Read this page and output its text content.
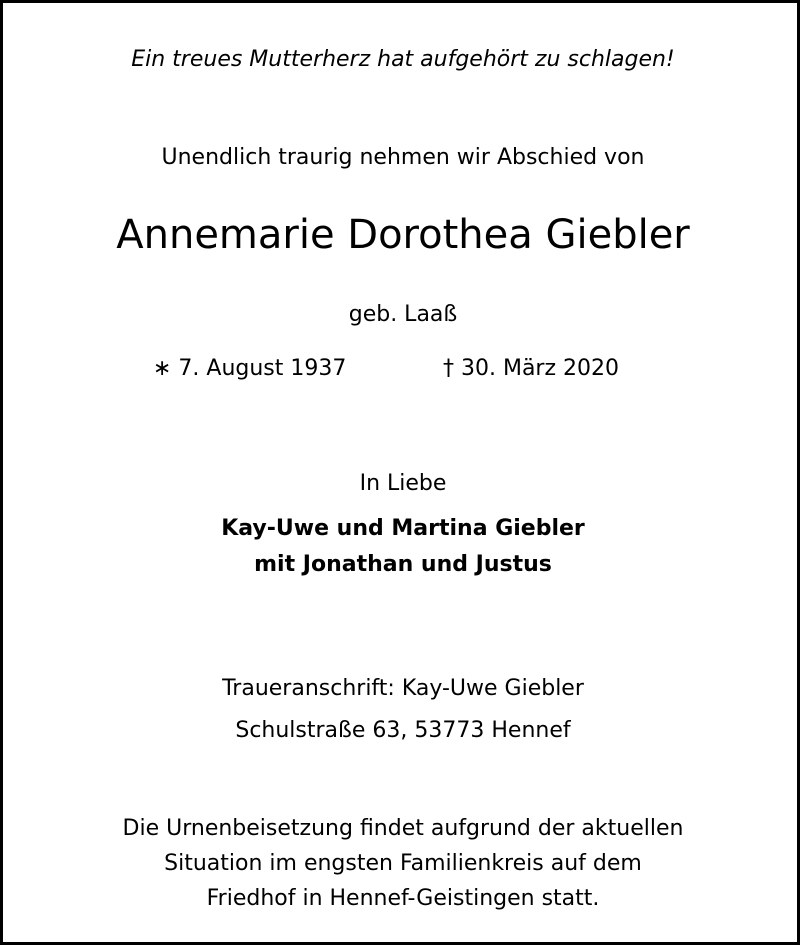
Ein treues Mutterherz hat aufgehört zu schlagen!
Unendlich traurig nehmen wir Abschied von
Annemarie Dorothea Giebler
geb. Laaß
∗ 7. August 1937	† 30. März 2020
In Liebe
Kay-Uwe und Martina Giebler
mit Jonathan und Justus
Traueranschrift: Kay-Uwe Giebler
Schulstraße 63, 53773 Hennef
Die Urnenbeisetzung findet aufgrund der aktuellen
Situation im engsten Familienkreis auf dem
Friedhof in Hennef-Geistingen statt.
